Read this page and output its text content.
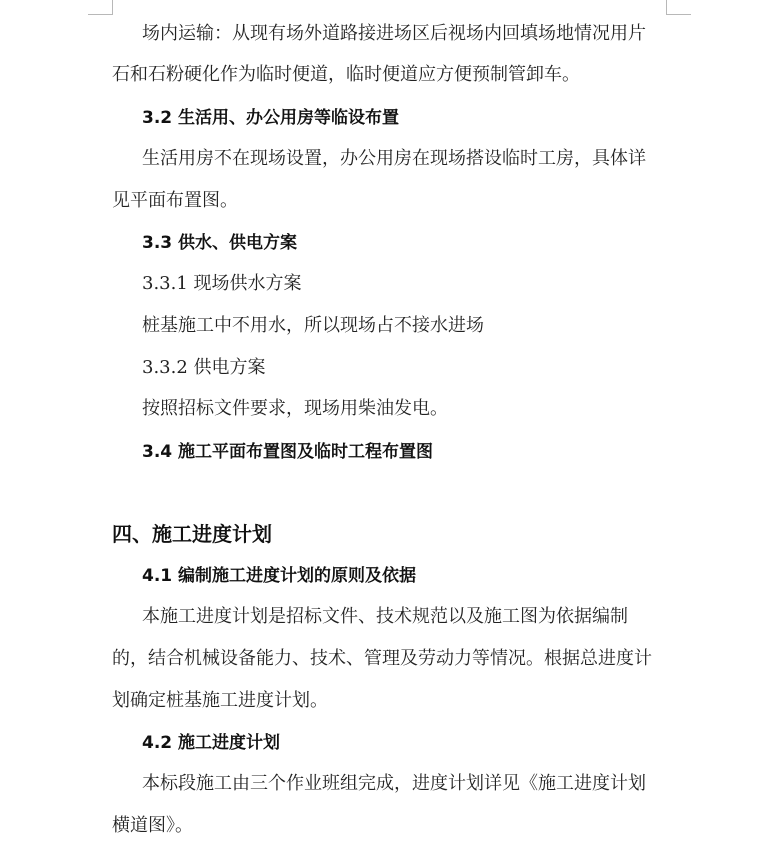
场内运输：从现有场外道路接进场区后视场内回填场地情况用片
石和石粉硬化作为临时便道，临时便道应方便预制管卸车。
3.2 生活用、办公用房等临设布置
生活用房不在现场设置，办公用房在现场搭设临时工房，具体详
见平面布置图。
3.3 供水、供电方案
3.3.1 现场供水方案
桩基施工中不用水，所以现场占不接水进场
3.3.2 供电方案
按照招标文件要求，现场用柴油发电。
3.4 施工平面布置图及临时工程布置图
四、施工进度计划
4.1 编制施工进度计划的原则及依据
本施工进度计划是招标文件、技术规范以及施工图为依据编制
的，结合机械设备能力、技术、管理及劳动力等情况。根据总进度计
划确定桩基施工进度计划。
4.2 施工进度计划
本标段施工由三个作业班组完成，进度计划详见《施工进度计划
横道图》。
